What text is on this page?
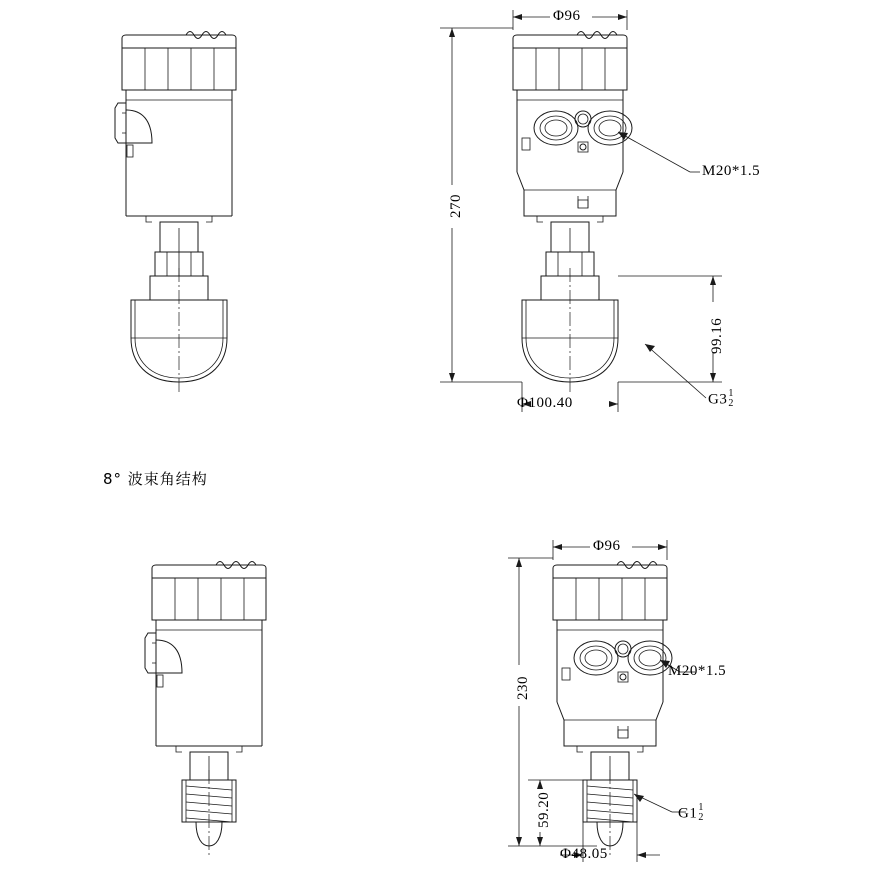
Φ96
270
99.16
Φ100.40
M20*1.5
G3 1
2
8° 波束角结构
Φ96
230
59.20
Φ48.05
M20*1.5
G1 1
2
